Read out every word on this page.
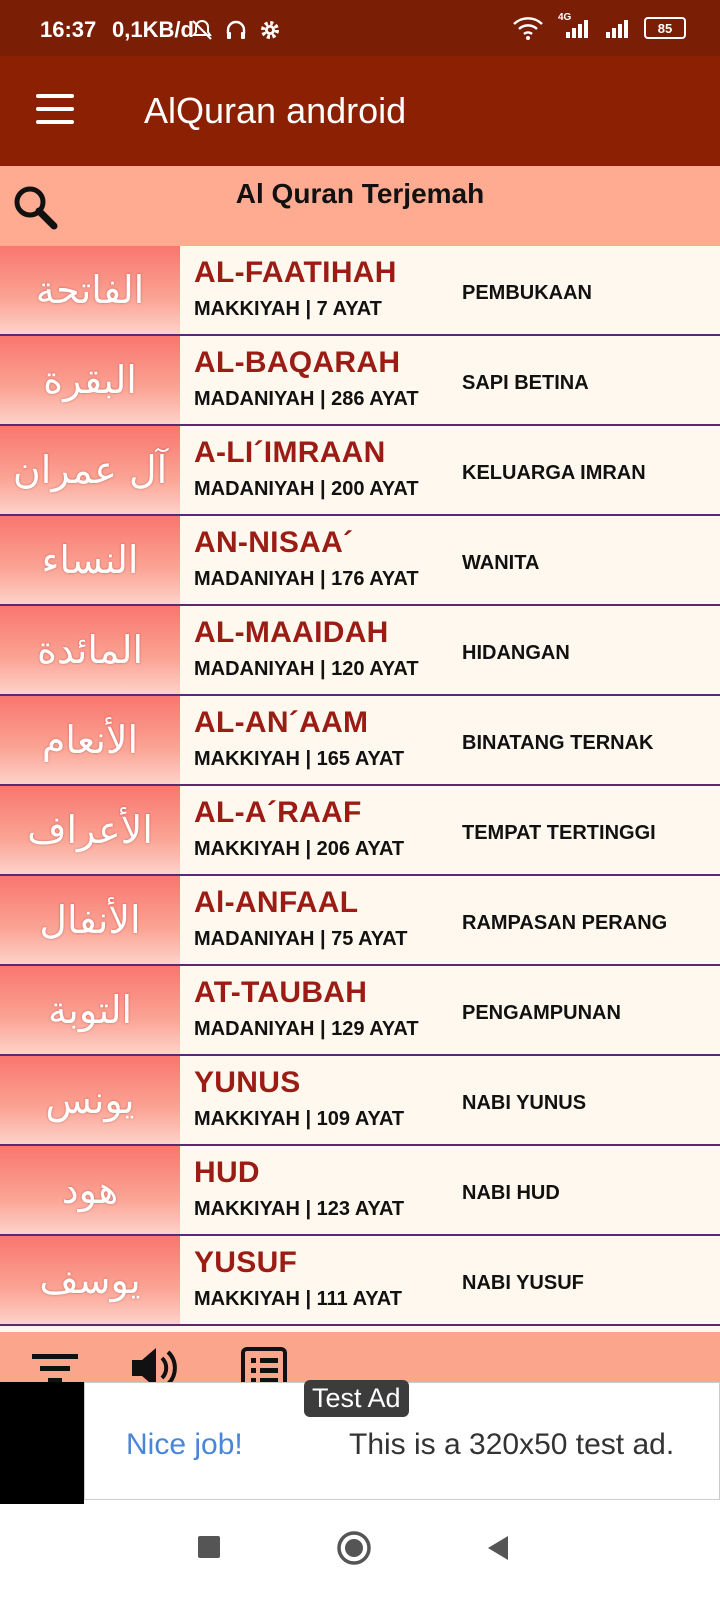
16:37 0,1KB/d	4G
85
AlQuran android
Al Quran Terjemah
الفاتحة	AL-FAATIHAH
MAKKIYAH | 7 AYAT
PEMBUKAAN
البقرة	AL-BAQARAH
MADANIYAH | 286 AYAT
SAPI BETINA
آل عمران A-LI´IMRAAN
MADANIYAH | 200 AYAT
KELUARGA IMRAN
النساء	AN-NISAA´
MADANIYAH | 176 AYAT
WANITA
المائدة	AL-MAAIDAH
MADANIYAH | 120 AYAT
HIDANGAN
الأنعام	AL-AN´AAM
MAKKIYAH | 165 AYAT
BINATANG TERNAK
الأعراف	AL-A´RAAF
MAKKIYAH | 206 AYAT
TEMPAT TERTINGGI
الأنفال	Al-ANFAAL
MADANIYAH | 75 AYAT
RAMPASAN PERANG
التوبة	AT-TAUBAH
MADANIYAH | 129 AYAT
PENGAMPUNAN
يونس	YUNUS
MAKKIYAH | 109 AYAT
NABI YUNUS
هود	HUD
MAKKIYAH | 123 AYAT
NABI HUD
يوسف	YUSUF
MAKKIYAH | 111 AYAT
NABI YUSUF
Test Ad
Nice job!	This is a 320x50 test ad.
